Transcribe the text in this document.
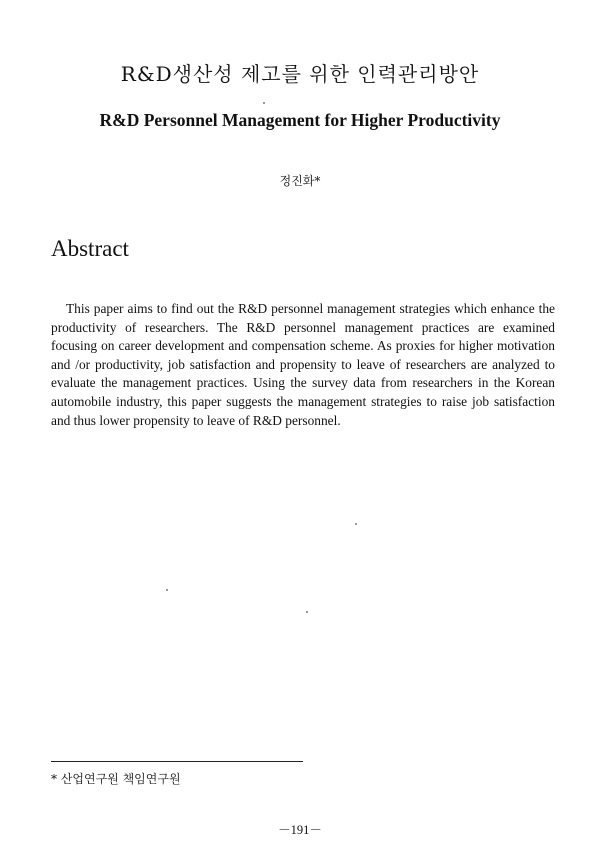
R&D생산성 제고를 위한 인력관리방안
R&D Personnel Management for Higher Productivity
정진화*
Abstract

This paper aims to find out the R&D personnel management strategies which enhance the productivity of researchers. The R&D personnel management practices are examined focusing on career development and compensation scheme. As proxies for higher motivation and /or productivity, job satisfaction and propensity to leave of researchers are analyzed to evaluate the management practices. Using the survey data from researchers in the Korean automobile industry, this paper suggests the management strategies to raise job satisfaction and thus lower propensity to leave of R&D personnel.

* 산업연구원 책임연구원
－191－
